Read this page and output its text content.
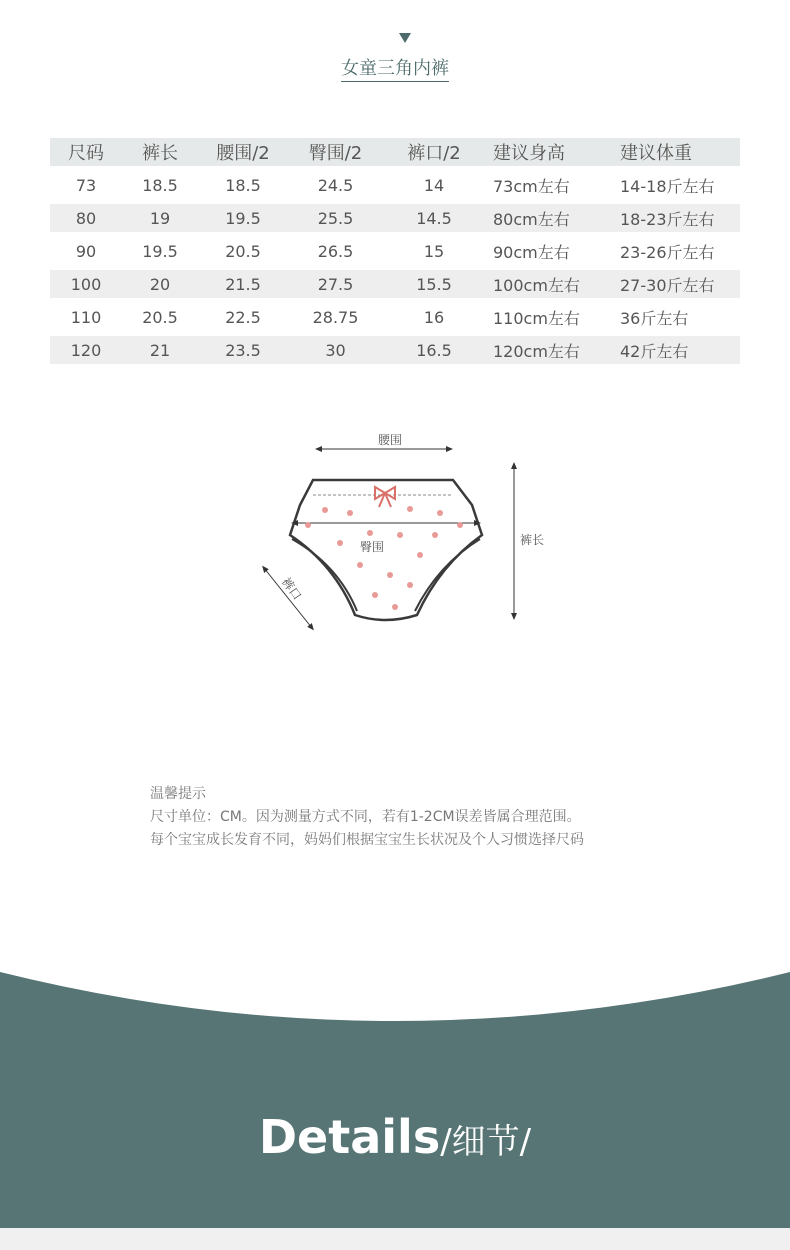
女童三角内裤
尺码	裤长	腰围/2	臀围/2	裤口/2	建议身高	建议体重
73	18.5	18.5	24.5	14	73cm左右	14-18斤左右
80	19	19.5	25.5	14.5	80cm左右	18-23斤左右
90	19.5	20.5	26.5	15	90cm左右	23-26斤左右
100	20	21.5	27.5	15.5	100cm左右	27-30斤左右
110	20.5	22.5	28.75	16	110cm左右	36斤左右
120	21	23.5	30	16.5	120cm左右	42斤左右
腰围
臀围	裤长
裤口
温馨提示
尺寸单位：CM。因为测量方式不同，若有1-2CM误差皆属合理范围。
每个宝宝成长发育不同，妈妈们根据宝宝生长状况及个人习惯选择尺码
Details/细节/
